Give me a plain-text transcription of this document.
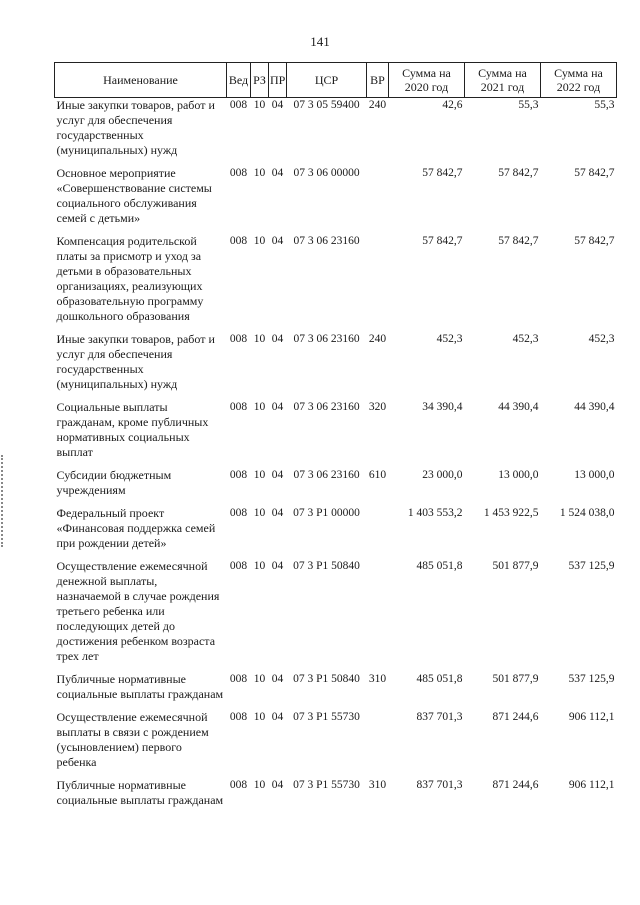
141
Наименование	Вед	РЗ	ПР	ЦСР	ВР	Сумма на 2020 год	Сумма на 2021 год	Сумма на 2022 год
Иные закупки товаров, работ и услуг для обеспечения государственных (муниципальных) нужд	008	10	04	07 3 05 59400	240	42,6	55,3	55,3
Основное мероприятие «Совершенствование системы социального обслуживания семей с детьми»	008	10	04	07 3 06 00000		57 842,7	57 842,7	57 842,7
Компенсация родительской платы за присмотр и уход за детьми в образовательных организациях, реализующих образовательную программу дошкольного образования	008	10	04	07 3 06 23160		57 842,7	57 842,7	57 842,7
Иные закупки товаров, работ и услуг для обеспечения государственных (муниципальных) нужд	008	10	04	07 3 06 23160	240	452,3	452,3	452,3
Социальные выплаты гражданам, кроме публичных нормативных социальных выплат	008	10	04	07 3 06 23160	320	34 390,4	44 390,4	44 390,4
Субсидии бюджетным учреждениям	008	10	04	07 3 06 23160	610	23 000,0	13 000,0	13 000,0
Федеральный проект «Финансовая поддержка семей при рождении детей»	008	10	04	07 3 P1 00000		1 403 553,2	1 453 922,5	1 524 038,0
Осуществление ежемесячной денежной выплаты, назначаемой в случае рождения третьего ребенка или последующих детей до достижения ребенком возраста трех лет	008	10	04	07 3 P1 50840		485 051,8	501 877,9	537 125,9
Публичные нормативные социальные выплаты гражданам	008	10	04	07 3 P1 50840	310	485 051,8	501 877,9	537 125,9
Осуществление ежемесячной выплаты в связи с рождением (усыновлением) первого ребенка	008	10	04	07 3 P1 55730		837 701,3	871 244,6	906 112,1
Публичные нормативные социальные выплаты гражданам	008	10	04	07 3 P1 55730	310	837 701,3	871 244,6	906 112,1
